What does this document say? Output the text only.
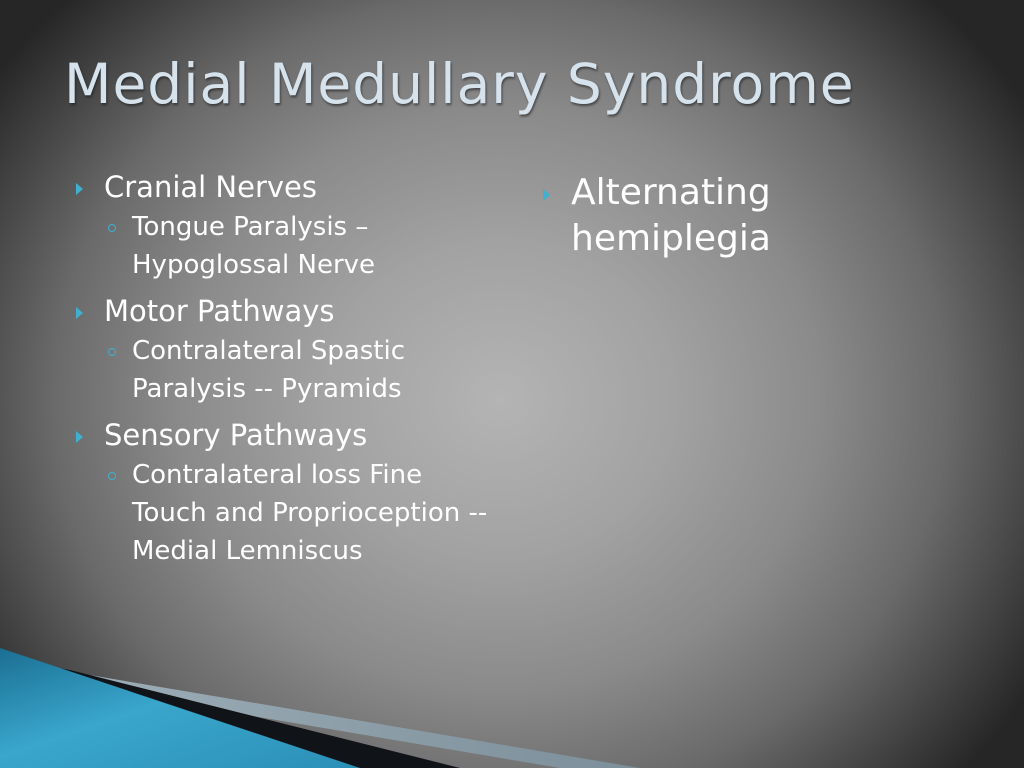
Medial Medullary Syndrome
Cranial Nerves
Tongue Paralysis – Hypoglossal Nerve
Motor Pathways
Contralateral Spastic Paralysis -- Pyramids
Sensory Pathways
Contralateral loss Fine Touch and Proprioception -- Medial Lemniscus
Alternating hemiplegia
